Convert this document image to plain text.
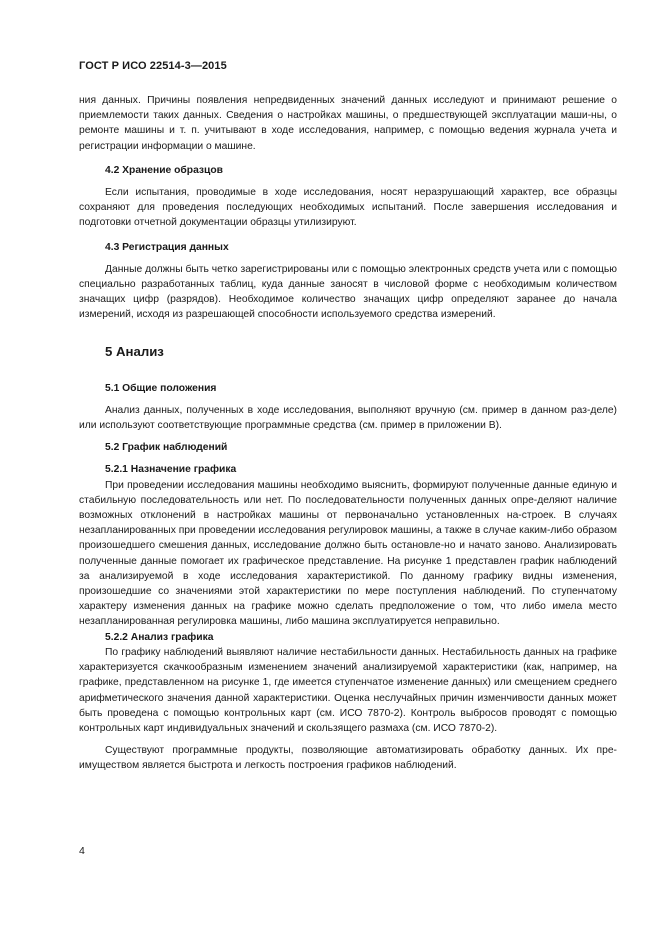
ГОСТ Р ИСО 22514-3—2015

ния данных. Причины появления непредвиденных значений данных исследуют и принимают решение о приемлемости таких данных. Сведения о настройках машины, о предшествующей эксплуатации маши-ны, о ремонте машины и т. п. учитывают в ходе исследования, например, с помощью ведения журнала учета и регистрации информации о машине.

4.2 Хранение образцов

Если испытания, проводимые в ходе исследования, носят неразрушающий характер, все образцы сохраняют для проведения последующих необходимых испытаний. После завершения исследования и подготовки отчетной документации образцы утилизируют.

4.3 Регистрация данных

Данные должны быть четко зарегистрированы или с помощью электронных средств учета или с помощью специально разработанных таблиц, куда данные заносят в числовой форме с необходимым количеством значащих цифр (разрядов). Необходимое количество значащих цифр определяют заранее до начала измерений, исходя из разрешающей способности используемого средства измерений.

5 Анализ

5.1 Общие положения

Анализ данных, полученных в ходе исследования, выполняют вручную (см. пример в данном раз-деле) или используют соответствующие программные средства (см. пример в приложении В).

5.2 График наблюдений

5.2.1 Назначение графика

При проведении исследования машины необходимо выяснить, формируют полученные данные единую и стабильную последовательность или нет. По последовательности полученных данных опре-деляют наличие возможных отклонений в настройках машины от первоначально установленных на-строек. В случаях незапланированных при проведении исследования регулировок машины, а также в случае каким-либо образом произошедшего смешения данных, исследование должно быть остановле-но и начато заново. Анализировать полученные данные помогает их графическое представление. На рисунке 1 представлен график наблюдений за анализируемой в ходе исследования характеристикой. По данному графику видны изменения, произошедшие со значениями этой характеристики по мере поступления наблюдений. По ступенчатому характеру изменения данных на графике можно сделать предположение о том, что либо имела место незапланированная регулировка машины, либо машина эксплуатируется неправильно.

5.2.2 Анализ графика

По графику наблюдений выявляют наличие нестабильности данных. Нестабильность данных на графике характеризуется скачкообразным изменением значений анализируемой характеристики (как, например, на графике, представленном на рисунке 1, где имеется ступенчатое изменение данных) или смещением среднего арифметического значения данной характеристики. Оценка неслучайных причин изменчивости данных может быть проведена с помощью контрольных карт (см. ИСО 7870-2). Контроль выбросов проводят с помощью контрольных карт индивидуальных значений и скользящего размаха (см. ИСО 7870-2).

Существуют программные продукты, позволяющие автоматизировать обработку данных. Их пре-имуществом является быстрота и легкость построения графиков наблюдений.

4
